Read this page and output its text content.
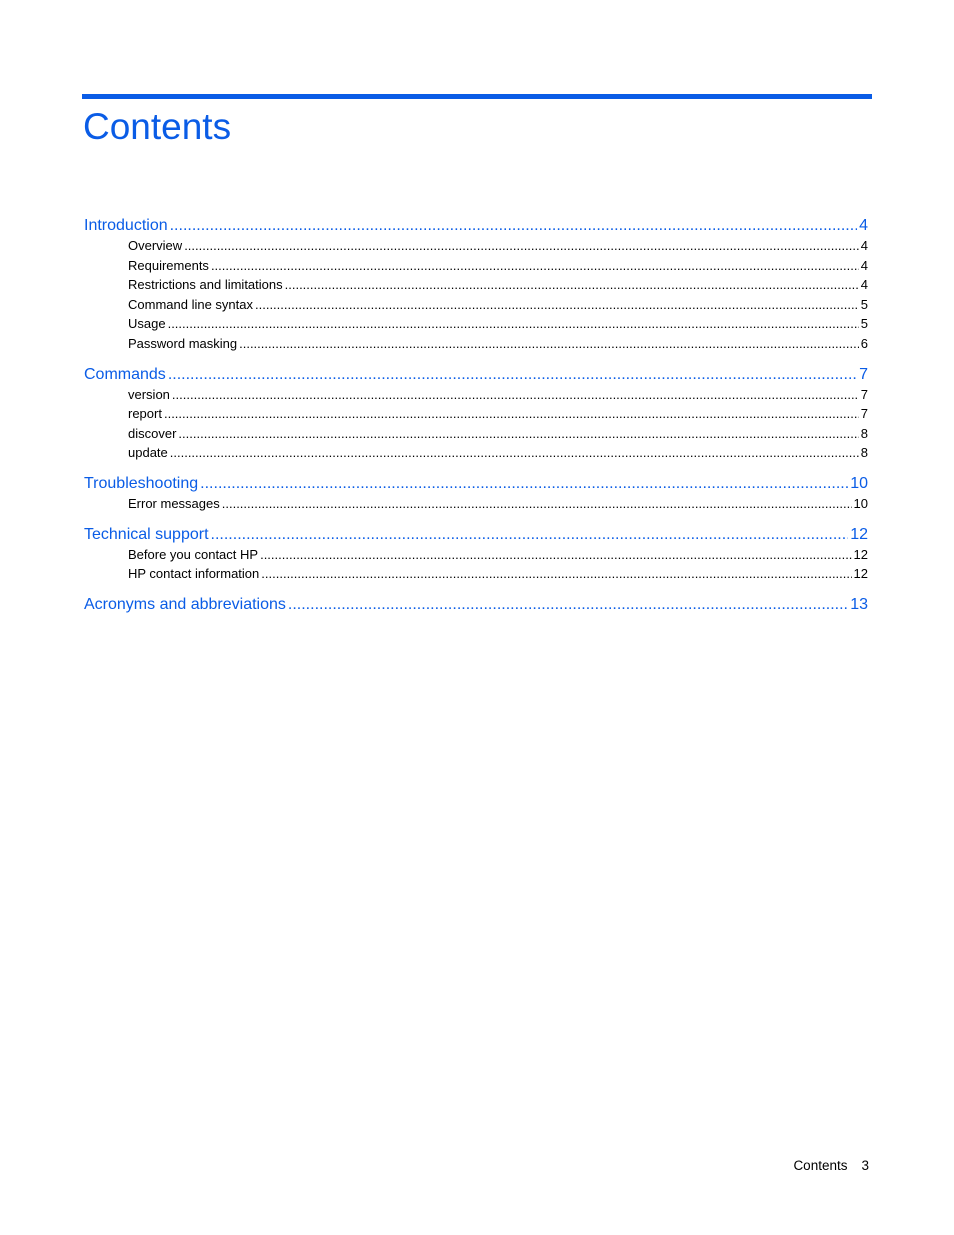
Contents
Introduction .....	4
Overview .....	4
Requirements .....	4
Restrictions and limitations .....	4
Command line syntax .....	5
Usage .....	5
Password masking .....	6
Commands .....	7
version .....	7
report .....	7
discover .....	8
update .....	8
Troubleshooting .....	10
Error messages .....	10
Technical support .....	12
Before you contact HP .....	12
HP contact information .....	12
Acronyms and abbreviations .....	13
Contents 3
